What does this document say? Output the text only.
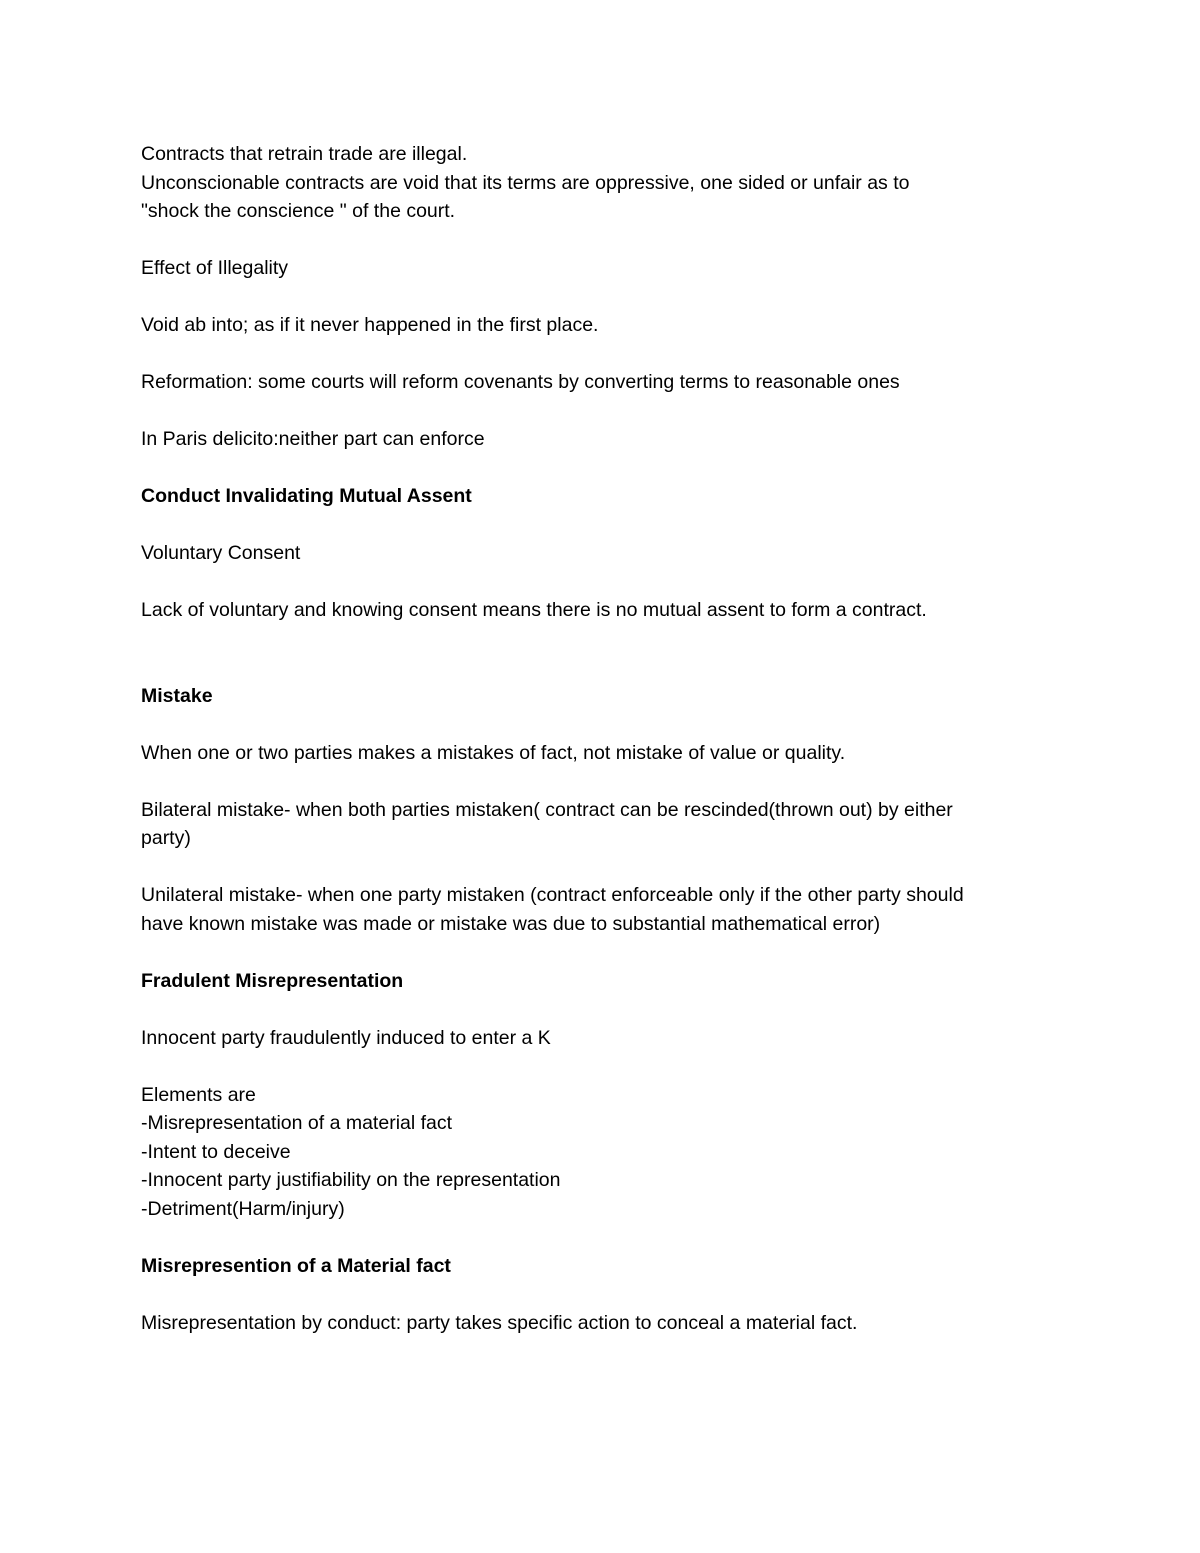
Contracts that retrain trade are illegal.

Unconscionable contracts are void that its terms are oppressive, one sided or unfair as to

"shock the conscience " of the court.

Effect of Illegality

Void ab into; as if it never happened in the first place.

Reformation: some courts will reform covenants by converting terms to reasonable ones

In Paris delicito:neither part can enforce

Conduct Invalidating Mutual Assent

Voluntary Consent

Lack of voluntary and knowing consent means there is no mutual assent to form a contract.

Mistake

When one or two parties makes a mistakes of fact, not mistake of value or quality.

Bilateral mistake- when both parties mistaken( contract can be rescinded(thrown out) by either

party)

Unilateral mistake- when one party mistaken (contract enforceable only if the other party should

have known mistake was made or mistake was due to substantial mathematical error)

Fradulent Misrepresentation

Innocent party fraudulently induced to enter a K

Elements are

-Misrepresentation of a material fact

-Intent to deceive

-Innocent party justifiability on the representation

-Detriment(Harm/injury)

Misrepresention of a Material fact

Misrepresentation by conduct: party takes specific action to conceal a material fact.
